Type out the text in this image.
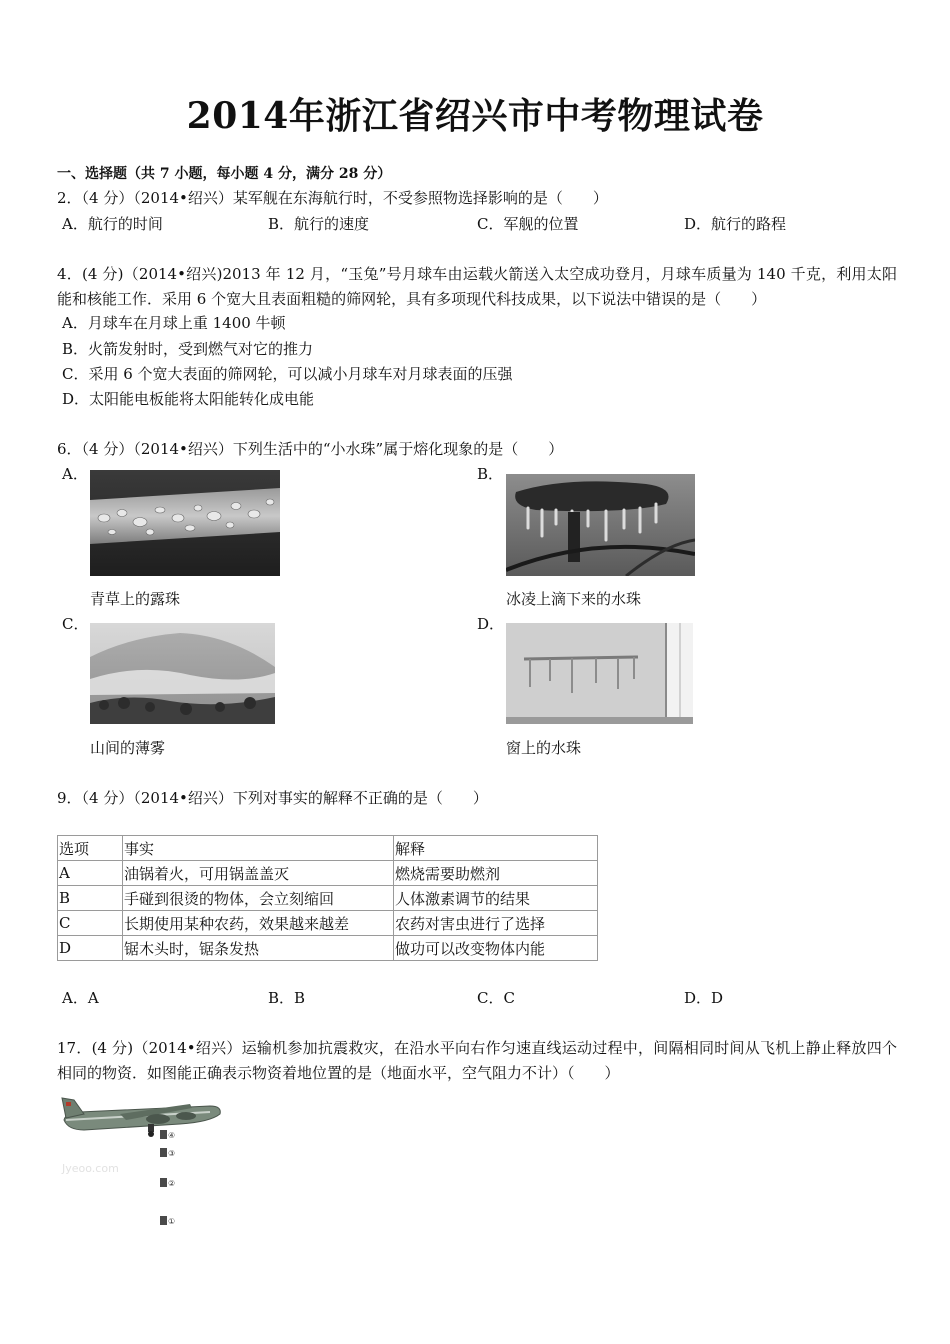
2014年浙江省绍兴市中考物理试卷
一、选择题（共 7 小题，每小题 4 分，满分 28 分）
2．（4 分）（2014•绍兴）某军舰在东海航行时，不受参照物选择影响的是（　　）
A．航行的时间	B．航行的速度	C．军舰的位置	D．航行的路程
4．(4 分)（2014•绍兴)2013 年 12 月，“玉兔”号月球车由运载火箭送入太空成功登月，月球车质量为 140 千克，利用太阳能和核能工作．采用 6 个宽大且表面粗糙的筛网轮，具有多项现代科技成果，以下说法中错误的是（　　）
A．月球车在月球上重 1400 牛顿
B．火箭发射时，受到燃气对它的推力
C．采用 6 个宽大表面的筛网轮，可以减小月球车对月球表面的压强
D．太阳能电板能将太阳能转化成电能
6．（4 分）（2014•绍兴）下列生活中的“小水珠”属于熔化现象的是（　　）
A．
青草上的露珠
B．
冰凌上滴下来的水珠
C．
山间的薄雾
D．
窗上的水珠
9．（4 分）（2014•绍兴）下列对事实的解释不正确的是（　　）
选项	事实	解释
A	油锅着火，可用锅盖盖灭	燃烧需要助燃剂
B	手碰到很烫的物体，会立刻缩回	人体激素调节的结果
C	长期使用某种农药，效果越来越差	农药对害虫进行了选择
D	锯木头时，锯条发热	做功可以改变物体内能
A．A	B．B	C．C	D．D
17．(4 分)（2014•绍兴）运输机参加抗震救灾，在沿水平向右作匀速直线运动过程中，间隔相同时间从飞机上静止释放四个相同的物资．如图能正确表示物资着地位置的是（地面水平，空气阻力不计）（　　）
Jyeoo.com
④
③
②
①
